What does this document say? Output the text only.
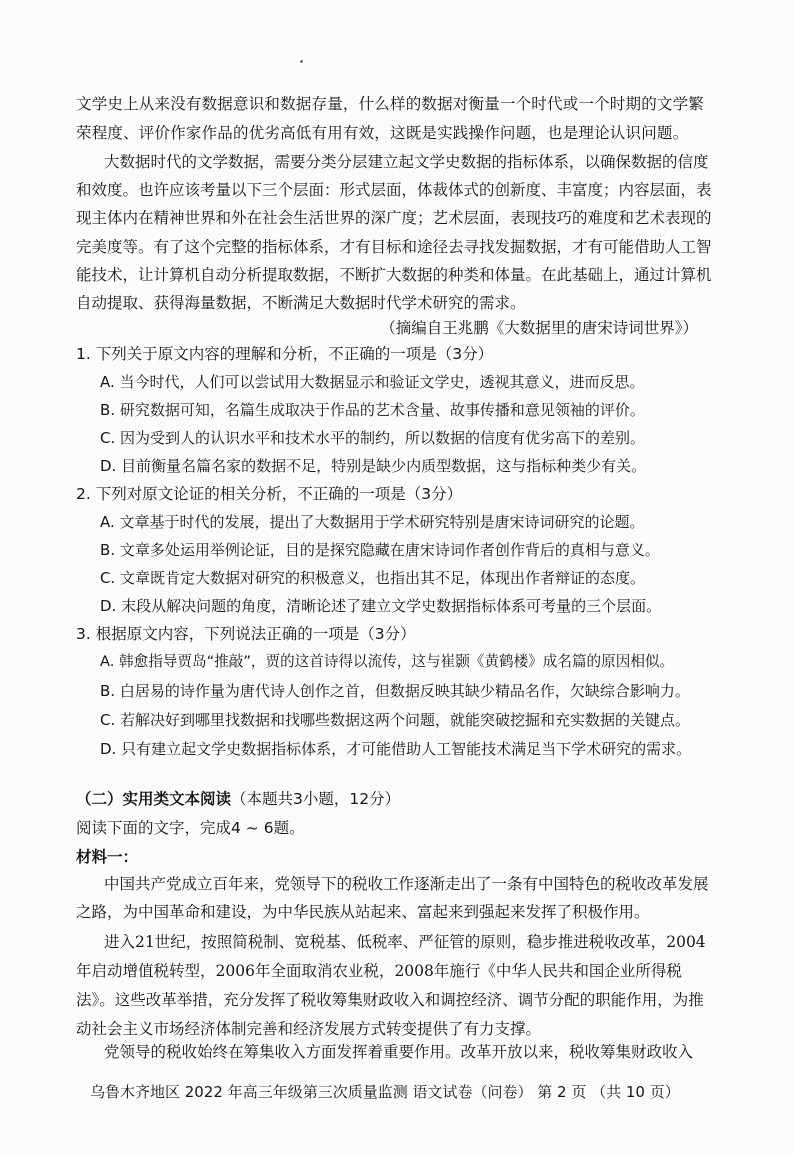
文学史上从来没有数据意识和数据存量，什么样的数据对衡量一个时代或一个时期的文学繁荣程度、评价作家作品的优劣高低有用有效，这既是实践操作问题，也是理论认识问题。

大数据时代的文学数据，需要分类分层建立起文学史数据的指标体系，以确保数据的信度和效度。也许应该考量以下三个层面：形式层面，体裁体式的创新度、丰富度；内容层面，表现主体内在精神世界和外在社会生活世界的深广度；艺术层面，表现技巧的难度和艺术表现的完美度等。有了这个完整的指标体系，才有目标和途径去寻找发掘数据，才有可能借助人工智能技术，让计算机自动分析提取数据，不断扩大数据的种类和体量。在此基础上，通过计算机自动提取、获得海量数据，不断满足大数据时代学术研究的需求。

（摘编自王兆鹏《大数据里的唐宋诗词世界》）

1. 下列关于原文内容的理解和分析，不正确的一项是（3分）

A. 当今时代，人们可以尝试用大数据显示和验证文学史，透视其意义，进而反思。

B. 研究数据可知，名篇生成取决于作品的艺术含量、故事传播和意见领袖的评价。

C. 因为受到人的认识水平和技术水平的制约，所以数据的信度有优劣高下的差别。

D. 目前衡量名篇名家的数据不足，特别是缺少内质型数据，这与指标种类少有关。

2. 下列对原文论证的相关分析，不正确的一项是（3分）

A. 文章基于时代的发展，提出了大数据用于学术研究特别是唐宋诗词研究的论题。

B. 文章多处运用举例论证，目的是探究隐藏在唐宋诗词作者创作背后的真相与意义。

C. 文章既肯定大数据对研究的积极意义，也指出其不足，体现出作者辩证的态度。

D. 末段从解决问题的角度，清晰论述了建立文学史数据指标体系可考量的三个层面。

3. 根据原文内容，下列说法正确的一项是（3分）

A. 韩愈指导贾岛“推敲”，贾的这首诗得以流传，这与崔颢《黄鹤楼》成名篇的原因相似。

B. 白居易的诗作量为唐代诗人创作之首，但数据反映其缺少精品名作，欠缺综合影响力。

C. 若解决好到哪里找数据和找哪些数据这两个问题，就能突破挖掘和充实数据的关键点。

D. 只有建立起文学史数据指标体系，才可能借助人工智能技术满足当下学术研究的需求。

（二）实用类文本阅读（本题共3小题，12分）

阅读下面的文字，完成4 ~ 6题。

材料一：

中国共产党成立百年来，党领导下的税收工作逐渐走出了一条有中国特色的税收改革发展之路，为中国革命和建设，为中华民族从站起来、富起来到强起来发挥了积极作用。

进入21世纪，按照简税制、宽税基、低税率、严征管的原则，稳步推进税收改革，2004年启动增值税转型，2006年全面取消农业税，2008年施行《中华人民共和国企业所得税法》。这些改革举措，充分发挥了税收筹集财政收入和调控经济、调节分配的职能作用，为推动社会主义市场经济体制完善和经济发展方式转变提供了有力支撑。

党领导的税收始终在筹集收入方面发挥着重要作用。改革开放以来，税收筹集财政收入

乌鲁木齐地区 2022 年高三年级第三次质量监测 语文试卷（问卷） 第 2 页 （共 10 页）
